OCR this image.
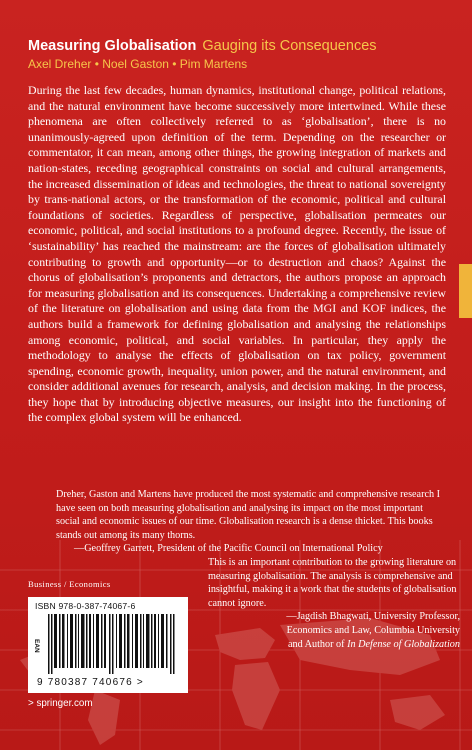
Measuring Globalisation Gauging its Consequences
Axel Dreher • Noel Gaston • Pim Martens

During the last few decades, human dynamics, institutional change, political relations, and the natural environment have become successively more intertwined. While these phenomena are often collectively referred to as ‘globalisation’, there is no unanimously-agreed upon definition of the term. Depending on the researcher or commentator, it can mean, among other things, the growing integration of markets and nation-states, receding geographical constraints on social and cultural arrangements, the increased dissemination of ideas and technologies, the threat to national sovereignty by trans-national actors, or the transformation of the economic, political and cultural foundations of societies. Regardless of perspective, globalisation permeates our economic, political, and social institutions to a profound degree. Recently, the issue of ‘sustainability’ has reached the mainstream: are the forces of globalisation ultimately contributing to growth and opportunity—or to destruction and chaos? Against the chorus of globalisation’s proponents and detractors, the authors propose an approach for measuring globalisation and its consequences. Undertaking a comprehensive review of the literature on globalisation and using data from the MGI and KOF indices, the authors build a framework for defining globalisation and analysing the relationships among economic, political, and social variables. In particular, they apply the methodology to analyse the effects of globalisation on tax policy, government spending, economic growth, inequality, union power, and the natural environment, and consider additional avenues for research, analysis, and decision making. In the process, they hope that by introducing objective measures, our insight into the functioning of the complex global system will be enhanced.

Dreher, Gaston and Martens have produced the most systematic and comprehensive research I have seen on both measuring globalisation and analysing its impact on the most important social and economic issues of our time. Globalisation research is a dense thicket. This books stands out among its many thorns.

—Geoffrey Garrett, President of the Pacific Council on International Policy

This is an important contribution to the growing literature on measuring globalisation. The analysis is comprehensive and insightful, making it a work that the students of globalisation cannot ignore.

—Jagdish Bhagwati, University Professor,

Economics and Law, Columbia University

and Author of In Defense of Globalization

Business / Economics
ISBN 978-0-387-74067-6
EAN
9 780387 740676 >
> springer.com
